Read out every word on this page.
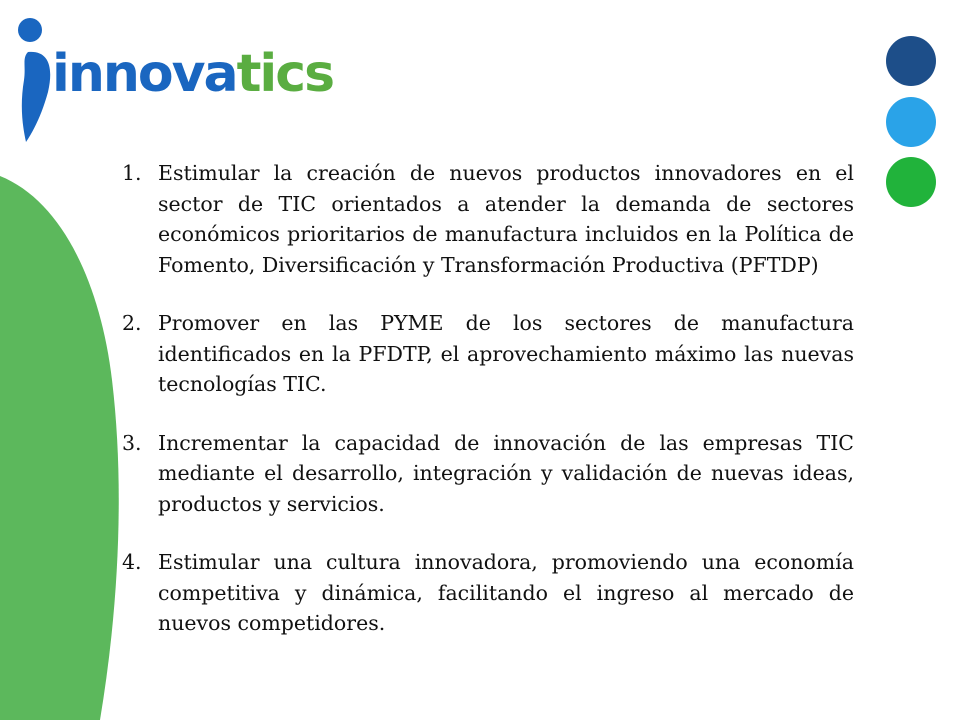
innovatics
1. Estimular la creación de nuevos productos innovadores en el sector de TIC orientados a atender la demanda de sectores económicos prioritarios de manufactura incluidos en la Política de Fomento, Diversificación y Transformación Productiva (PFTDP)
2. Promover en las PYME de los sectores de manufactura identificados en la PFDTP, el aprovechamiento máximo las nuevas tecnologías TIC.
3. Incrementar la capacidad de innovación de las empresas TIC mediante el desarrollo, integración y validación de nuevas ideas, productos y servicios.
4. Estimular una cultura innovadora, promoviendo una economía competitiva y dinámica, facilitando el ingreso al mercado de nuevos competidores.
